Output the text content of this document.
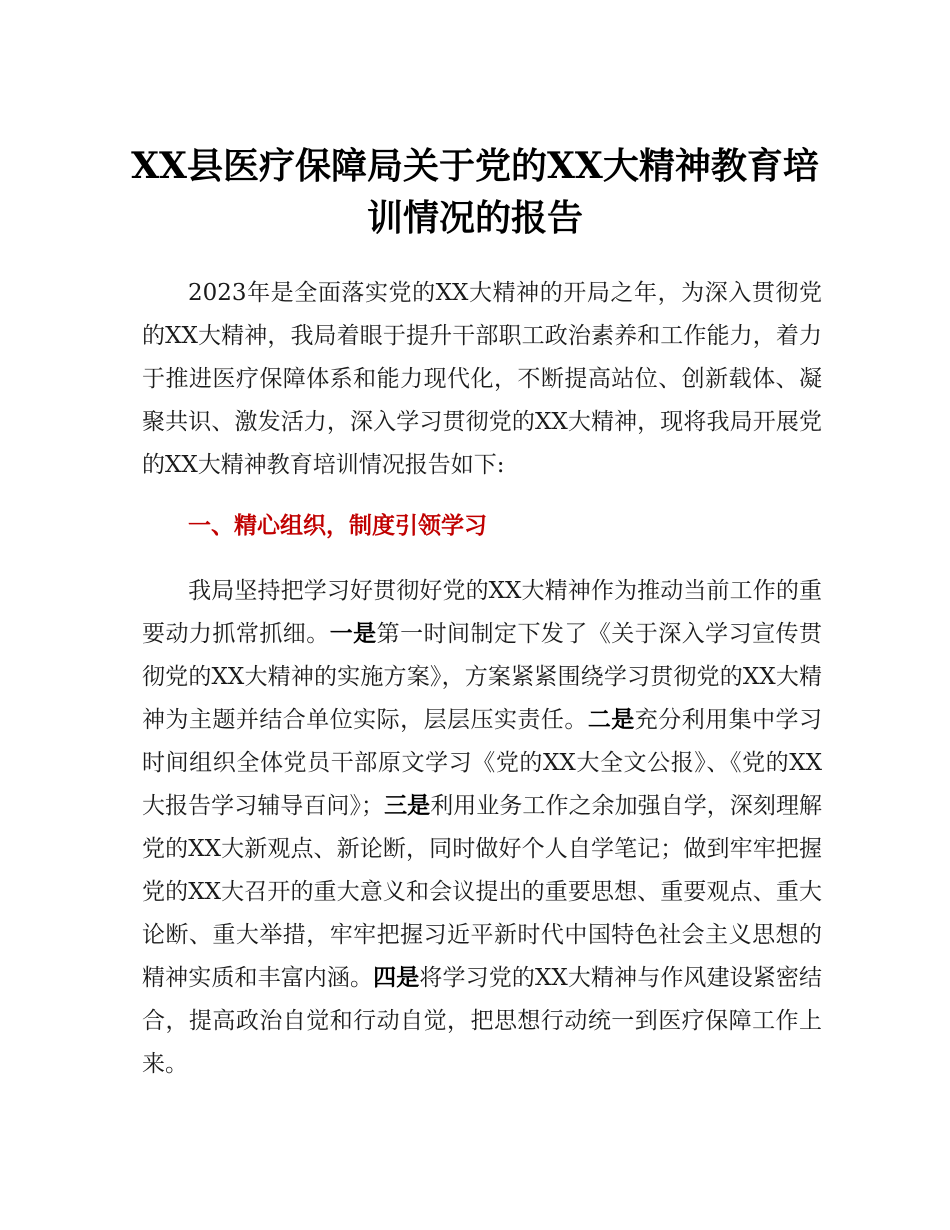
XX县医疗保障局关于党的XX大精神教育培
训情况的报告

2023年是全面落实党的XX大精神的开局之年，为深入贯彻党的XX大精神，我局着眼于提升干部职工政治素养和工作能力，着力于推进医疗保障体系和能力现代化，不断提高站位、创新载体、凝聚共识、激发活力，深入学习贯彻党的XX大精神，现将我局开展党的XX大精神教育培训情况报告如下:

一、精心组织，制度引领学习

我局坚持把学习好贯彻好党的XX大精神作为推动当前工作的重要动力抓常抓细。一是第一时间制定下发了《关于深入学习宣传贯彻党的XX大精神的实施方案》，方案紧紧围绕学习贯彻党的XX大精神为主题并结合单位实际，层层压实责任。二是充分利用集中学习时间组织全体党员干部原文学习《党的XX大全文公报》、《党的XX大报告学习辅导百问》；三是利用业务工作之余加强自学，深刻理解党的XX大新观点、新论断，同时做好个人自学笔记；做到牢牢把握党的XX大召开的重大意义和会议提出的重要思想、重要观点、重大论断、重大举措，牢牢把握习近平新时代中国特色社会主义思想的精神实质和丰富内涵。四是将学习党的XX大精神与作风建设紧密结合，提高政治自觉和行动自觉，把思想行动统一到医疗保障工作上来。
